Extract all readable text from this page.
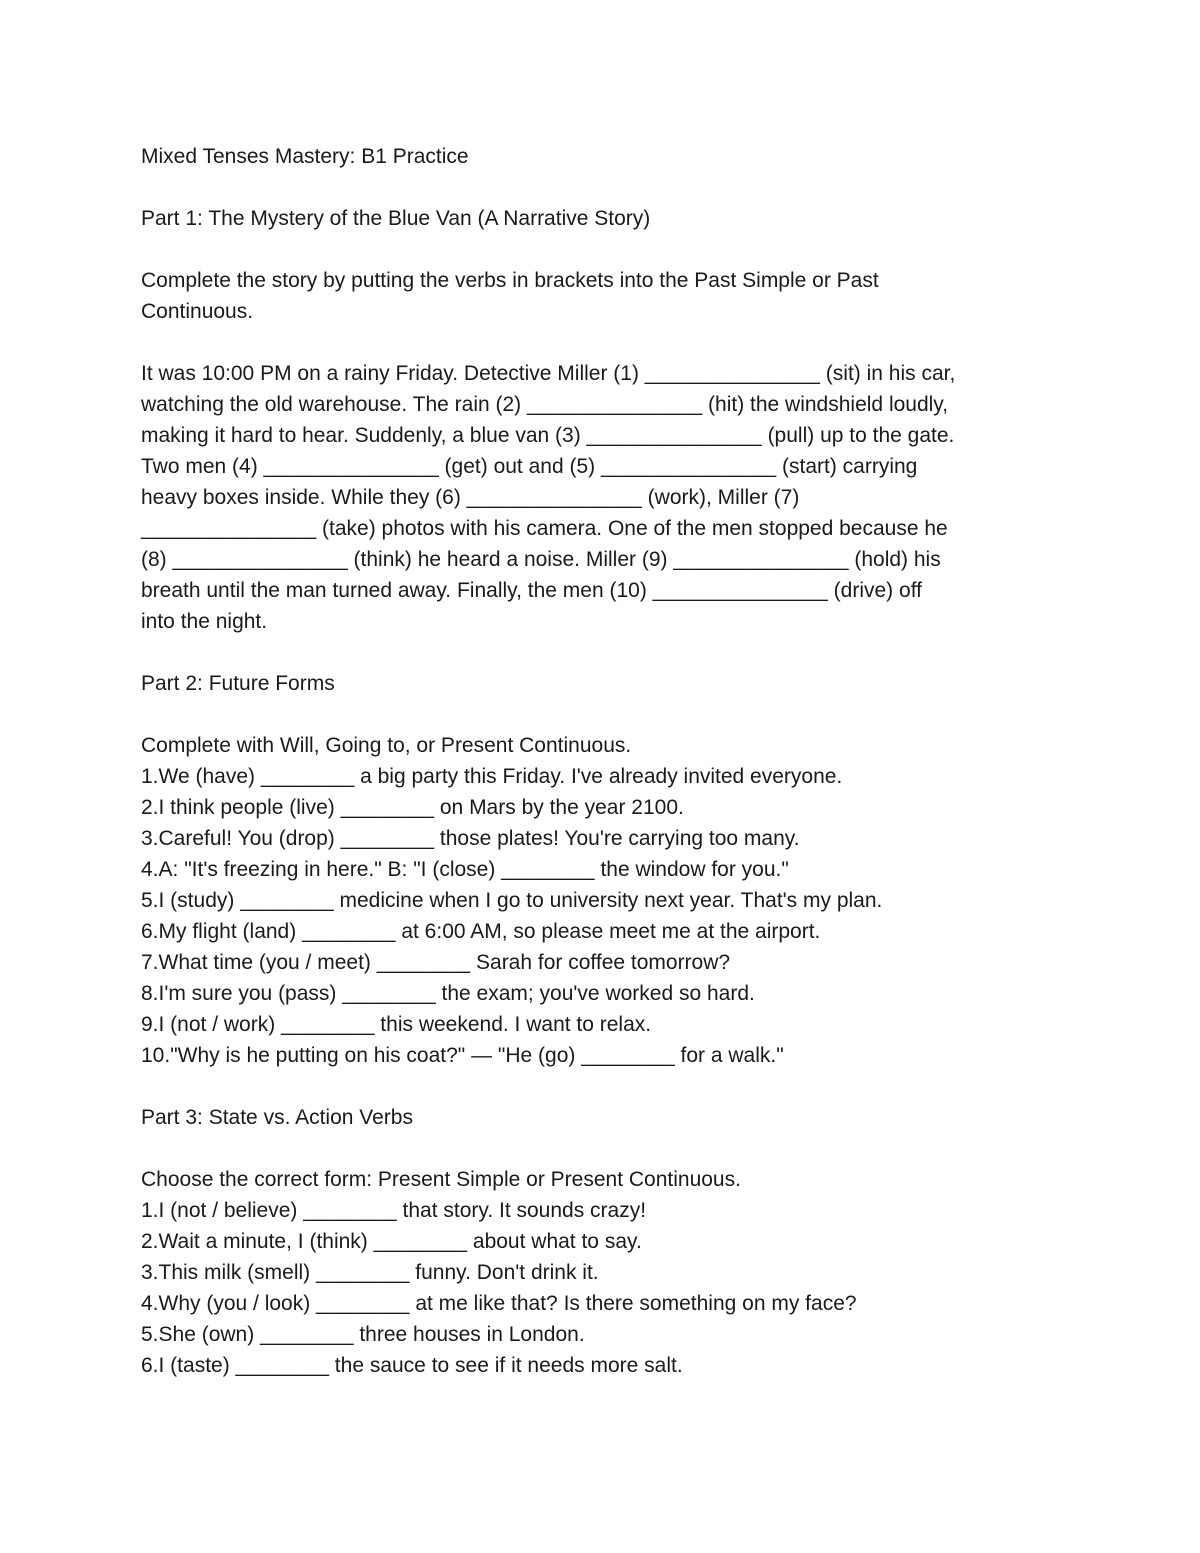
Mixed Tenses Mastery: B1 Practice
Part 1: The Mystery of the Blue Van (A Narrative Story)
Complete the story by putting the verbs in brackets into the Past Simple or Past
Continuous.
It was 10:00 PM on a rainy Friday. Detective Miller (1) _______________ (sit) in his car,
watching the old warehouse. The rain (2) _______________ (hit) the windshield loudly,
making it hard to hear. Suddenly, a blue van (3) _______________ (pull) up to the gate.
Two men (4) _______________ (get) out and (5) _______________ (start) carrying
heavy boxes inside. While they (6) _______________ (work), Miller (7)
_______________ (take) photos with his camera. One of the men stopped because he
(8) _______________ (think) he heard a noise. Miller (9) _______________ (hold) his
breath until the man turned away. Finally, the men (10) _______________ (drive) off
into the night.
Part 2: Future Forms
Complete with Will, Going to, or Present Continuous.
1.We (have) ________ a big party this Friday. I've already invited everyone.
2.I think people (live) ________ on Mars by the year 2100.
3.Careful! You (drop) ________ those plates! You're carrying too many.
4.A: "It's freezing in here." B: "I (close) ________ the window for you."
5.I (study) ________ medicine when I go to university next year. That's my plan.
6.My flight (land) ________ at 6:00 AM, so please meet me at the airport.
7.What time (you / meet) ________ Sarah for coffee tomorrow?
8.I'm sure you (pass) ________ the exam; you've worked so hard.
9.I (not / work) ________ this weekend. I want to relax.
10."Why is he putting on his coat?" — "He (go) ________ for a walk."
Part 3: State vs. Action Verbs
Choose the correct form: Present Simple or Present Continuous.
1.I (not / believe) ________ that story. It sounds crazy!
2.Wait a minute, I (think) ________ about what to say.
3.This milk (smell) ________ funny. Don't drink it.
4.Why (you / look) ________ at me like that? Is there something on my face?
5.She (own) ________ three houses in London.
6.I (taste) ________ the sauce to see if it needs more salt.
